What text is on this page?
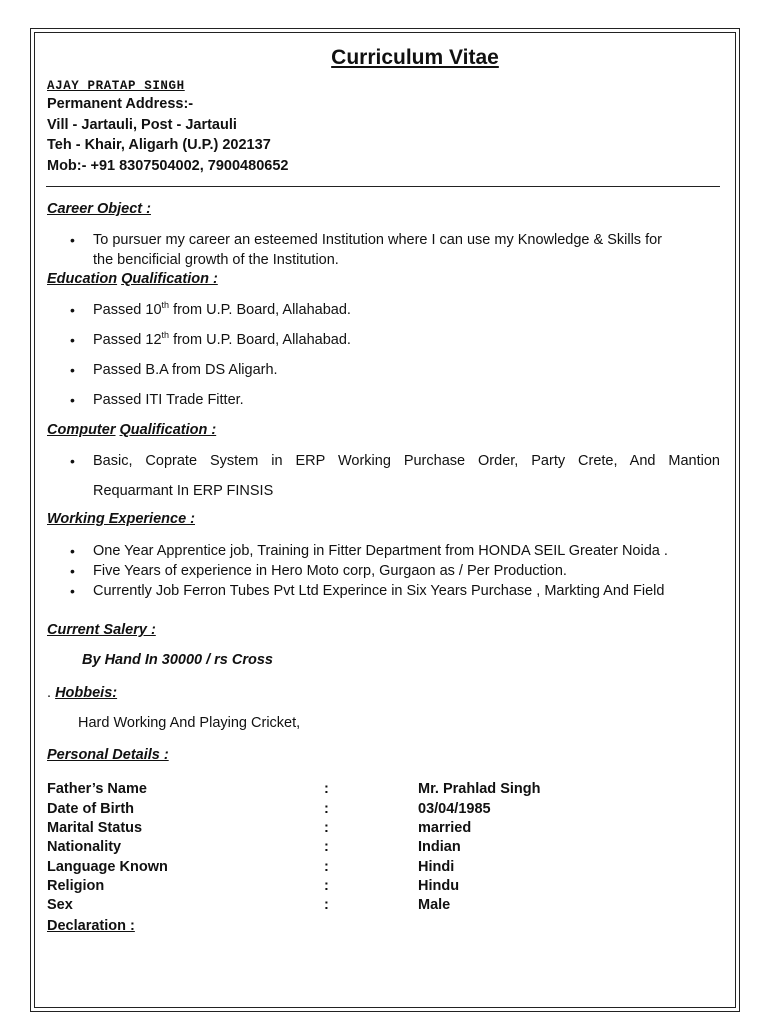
Curriculum Vitae
AJAY PRATAP SINGH
Permanent Address:-
Vill - Jartauli, Post - Jartauli
Teh - Khair, Aligarh (U.P.) 202137
Mob:- +91 8307504002, 7900480652
Career Object :
• To pursuer my career an esteemed Institution where I can use my Knowledge & Skills for
the bencificial growth of the Institution.
Education Qualification :
• Passed 10th from U.P. Board, Allahabad.
• Passed 12th from U.P. Board, Allahabad.
• Passed B.A from DS Aligarh.
• Passed ITI Trade Fitter.
Computer Qualification :
• Basic, Coprate System in ERP Working Purchase Order, Party Crete, And Mantion
Requarmant In ERP FINSIS
Working Experience :
• One Year Apprentice job, Training in Fitter Department from HONDA SEIL Greater Noida .
• Five Years of experience in Hero Moto corp, Gurgaon as / Per Production.
• Currently Job Ferron Tubes Pvt Ltd Experince in Six Years Purchase , Markting And Field
Current Salery :
By Hand In 30000 / rs Cross
. Hobbeis:
Hard Working And Playing Cricket,
Personal Details :
Father’s Name	:	Mr. Prahlad Singh
Date of Birth	:	03/04/1985
Marital Status	:	married
Nationality	:	Indian
Language Known	:	Hindi
Religion	:	Hindu
Sex	:	Male
Declaration :
